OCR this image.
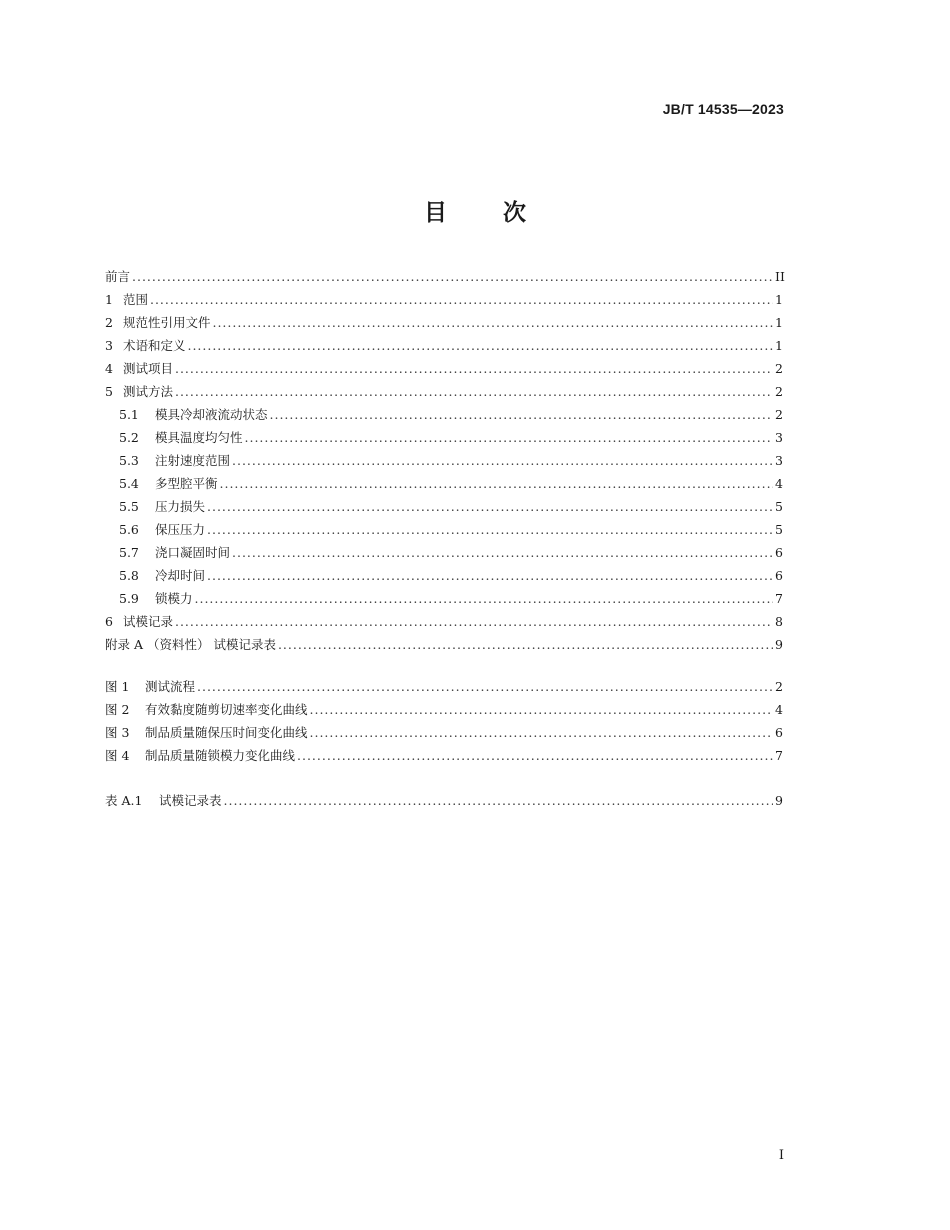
JB/T 14535—2023
目 次
前言 .....	II
1 范围 .....	1
2 规范性引用文件 .....	1
3 术语和定义 .....	1
4 测试项目 .....	2
5 测试方法 .....	2
5.1	模具冷却液流动状态 .....	2
5.2	模具温度均匀性 .....	3
5.3	注射速度范围 .....	3
5.4	多型腔平衡 .....	4
5.5	压力损失 .....	5
5.6	保压压力 .....	5
5.7	浇口凝固时间 .....	6
5.8	冷却时间 .....	6
5.9	锁模力 .....	7
6 试模记录 .....	8
附录 A （资料性） 试模记录表 .....	9
图 1 测试流程 .....	2
图 2 有效黏度随剪切速率变化曲线 .....	4
图 3 制品质量随保压时间变化曲线 .....	6
图 4 制品质量随锁模力变化曲线 .....	7
表 A.1 试模记录表 .....	9
I
